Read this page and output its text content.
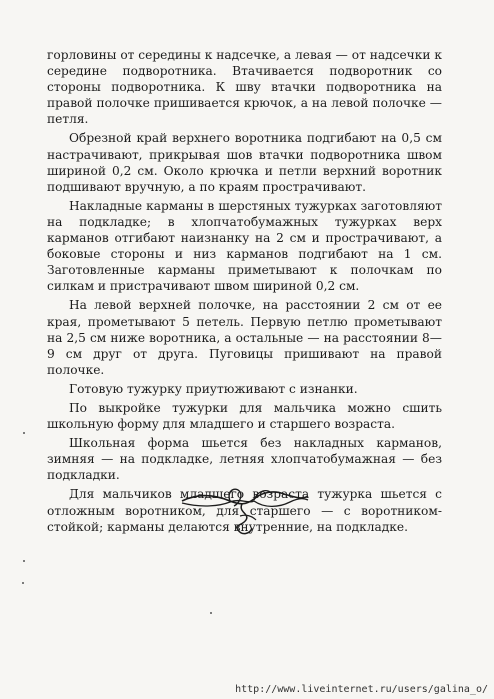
горловины от середины к надсечке, а левая — от надсечки к середине подворотника. Втачивается подворотник со стороны подворотника. К шву втачки подворотника на правой полочке пришивается крючок, а на левой полочке — петля.

Обрезной край верхнего воротника подгибают на 0,5 см настрачивают, прикрывая шов втачки подворотника швом шириной 0,2 см. Около крючка и петли верхний воротник подшивают вручную, а по краям прострачивают.

Накладные карманы в шерстяных тужурках заготовляют на подкладке; в хлопчатобумажных тужурках верх карманов отгибают наизнанку на 2 см и прострачивают, а боковые стороны и низ карманов подгибают на 1 см. Заготовленные карманы приметывают к полочкам по силкам и пристрачивают швом шириной 0,2 см.

На левой верхней полочке, на расстоянии 2 см от ее края, прометывают 5 петель. Первую петлю прометывают на 2,5 см ниже воротника, а остальные — на расстоянии 8—9 см друг от друга. Пуговицы пришивают на правой полочке.

Готовую тужурку приутюживают с изнанки.

По выкройке тужурки для мальчика можно сшить школьную форму для младшего и старшего возраста.

Школьная форма шьется без накладных карманов, зимняя — на подкладке, летняя хлопчатобумажная — без подкладки.

Для мальчиков младшего возраста тужурка шьется с отложным воротником, для старшего — с воротником-стойкой; карманы делаются внутренние, на подкладке.

http://www.liveinternet.ru/users/galina_o/
